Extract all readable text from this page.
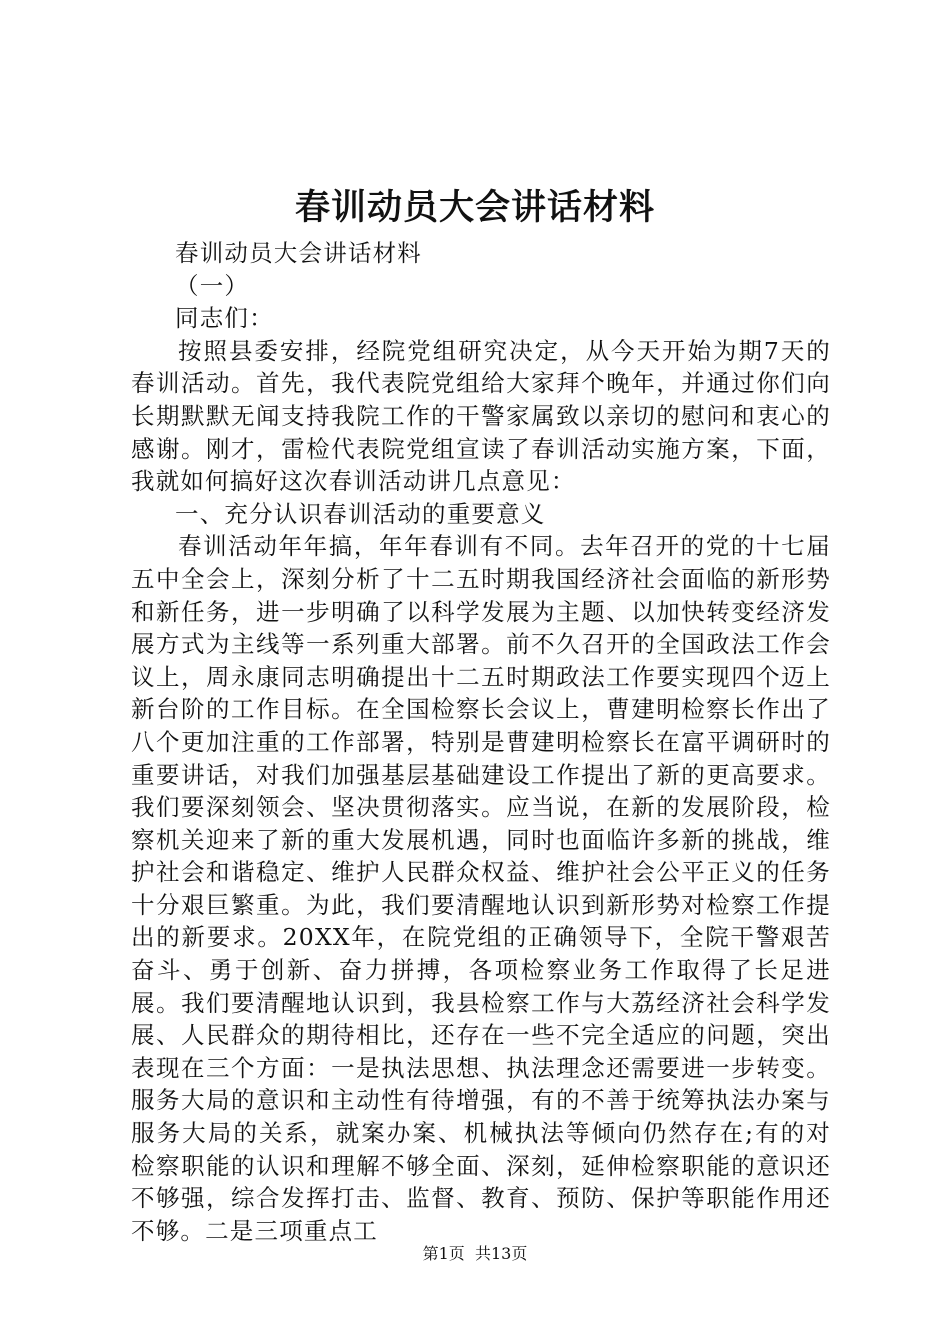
春训动员大会讲话材料

春训动员大会讲话材料

（一）

同志们：

按照县委安排，经院党组研究决定，从今天开始为期7天的春训活动。首先，我代表院党组给大家拜个晚年，并通过你们向长期默默无闻支持我院工作的干警家属致以亲切的慰问和衷心的感谢。刚才，雷检代表院党组宣读了春训活动实施方案，下面，我就如何搞好这次春训活动讲几点意见：

一、充分认识春训活动的重要意义

春训活动年年搞，年年春训有不同。去年召开的党的十七届五中全会上，深刻分析了十二五时期我国经济社会面临的新形势和新任务，进一步明确了以科学发展为主题、以加快转变经济发展方式为主线等一系列重大部署。前不久召开的全国政法工作会议上，周永康同志明确提出十二五时期政法工作要实现四个迈上新台阶的工作目标。在全国检察长会议上，曹建明检察长作出了八个更加注重的工作部署，特别是曹建明检察长在富平调研时的重要讲话，对我们加强基层基础建设工作提出了新的更高要求。我们要深刻领会、坚决贯彻落实。应当说，在新的发展阶段，检察机关迎来了新的重大发展机遇，同时也面临许多新的挑战，维护社会和谐稳定、维护人民群众权益、维护社会公平正义的任务十分艰巨繁重。为此，我们要清醒地认识到新形势对检察工作提出的新要求。20XX年，在院党组的正确领导下，全院干警艰苦奋斗、勇于创新、奋力拼搏，各项检察业务工作取得了长足进展。我们要清醒地认识到，我县检察工作与大荔经济社会科学发展、人民群众的期待相比，还存在一些不完全适应的问题，突出表现在三个方面：一是执法思想、执法理念还需要进一步转变。服务大局的意识和主动性有待增强，有的不善于统筹执法办案与服务大局的关系，就案办案、机械执法等倾向仍然存在;有的对检察职能的认识和理解不够全面、深刻，延伸检察职能的意识还不够强，综合发挥打击、监督、教育、预防、保护等职能作用还不够。二是三项重点工

第1页 共13页
